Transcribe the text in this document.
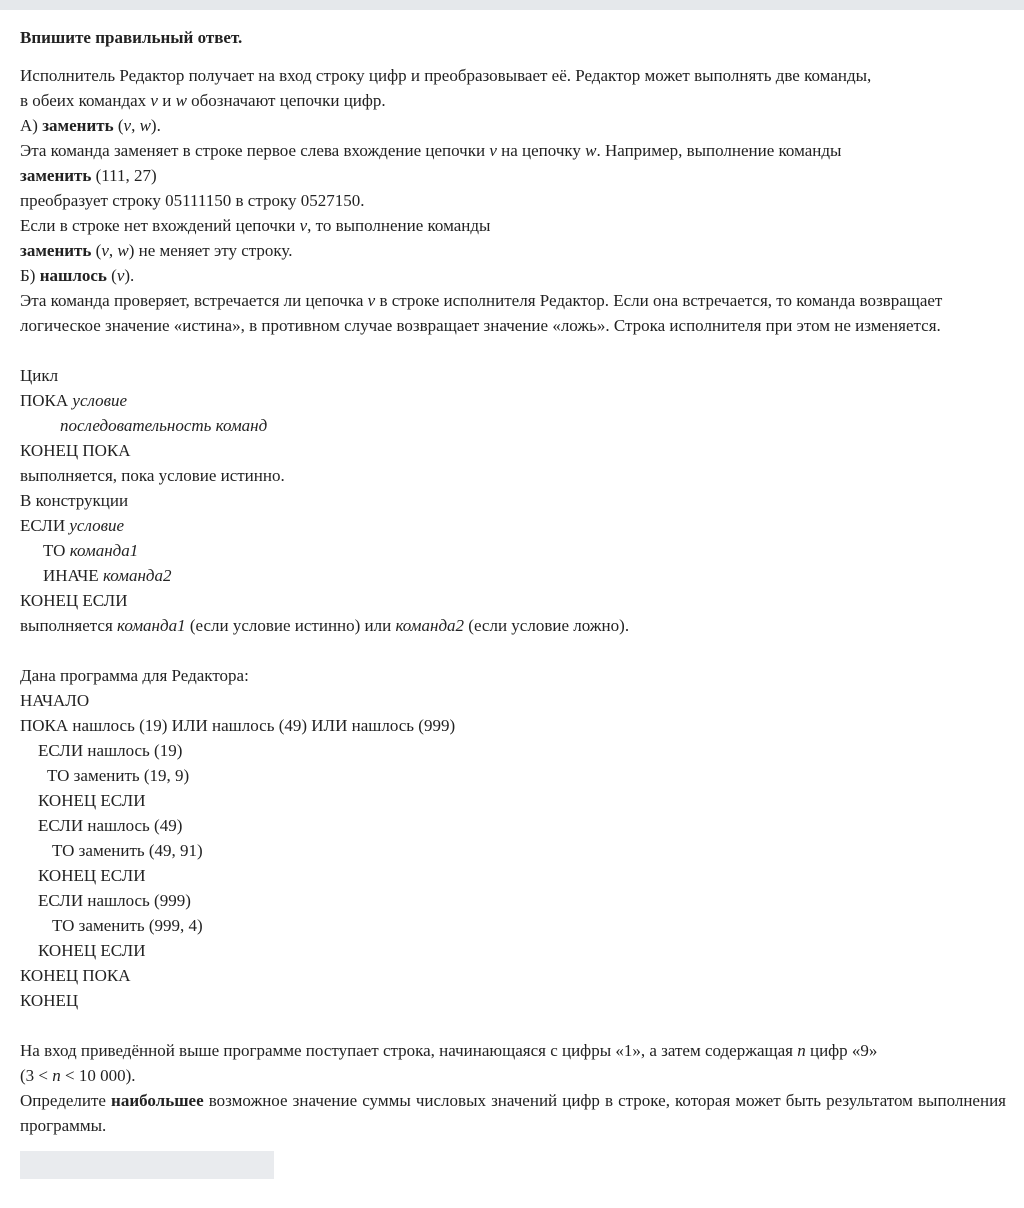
Впишите правильный ответ.
Исполнитель Редактор получает на вход строку цифр и преобразовывает её. Редактор может выполнять две команды,
в обеих командах v и w обозначают цепочки цифр.
А) заменить (v, w).
Эта команда заменяет в строке первое слева вхождение цепочки v на цепочку w. Например, выполнение команды
заменить (111, 27)
преобразует строку 05111150 в строку 0527150.
Если в строке нет вхождений цепочки v, то выполнение команды
заменить (v, w) не меняет эту строку.
Б) нашлось (v).
Эта команда проверяет, встречается ли цепочка v в строке исполнителя Редактор. Если она встречается, то команда возвращает
логическое значение «истина», в противном случае возвращает значение «ложь». Строка исполнителя при этом не изменяется.
Цикл
ПОКА условие
последовательность команд
КОНЕЦ ПОКА
выполняется, пока условие истинно.
В конструкции
ЕСЛИ условие
ТО команда1
ИНАЧЕ команда2
КОНЕЦ ЕСЛИ
выполняется команда1 (если условие истинно) или команда2 (если условие ложно).
Дана программа для Редактора:
НАЧАЛО
ПОКА нашлось (19) ИЛИ нашлось (49) ИЛИ нашлось (999)
ЕСЛИ нашлось (19)
ТО заменить (19, 9)
КОНЕЦ ЕСЛИ
ЕСЛИ нашлось (49)
ТО заменить (49, 91)
КОНЕЦ ЕСЛИ
ЕСЛИ нашлось (999)
ТО заменить (999, 4)
КОНЕЦ ЕСЛИ
КОНЕЦ ПОКА
КОНЕЦ
На вход приведённой выше программе поступает строка, начинающаяся с цифры «1», а затем содержащая n цифр «9»
(3 < n < 10 000).
Определите наибольшее возможное значение суммы числовых значений цифр в строке, которая может быть результатом выполнения программы.
